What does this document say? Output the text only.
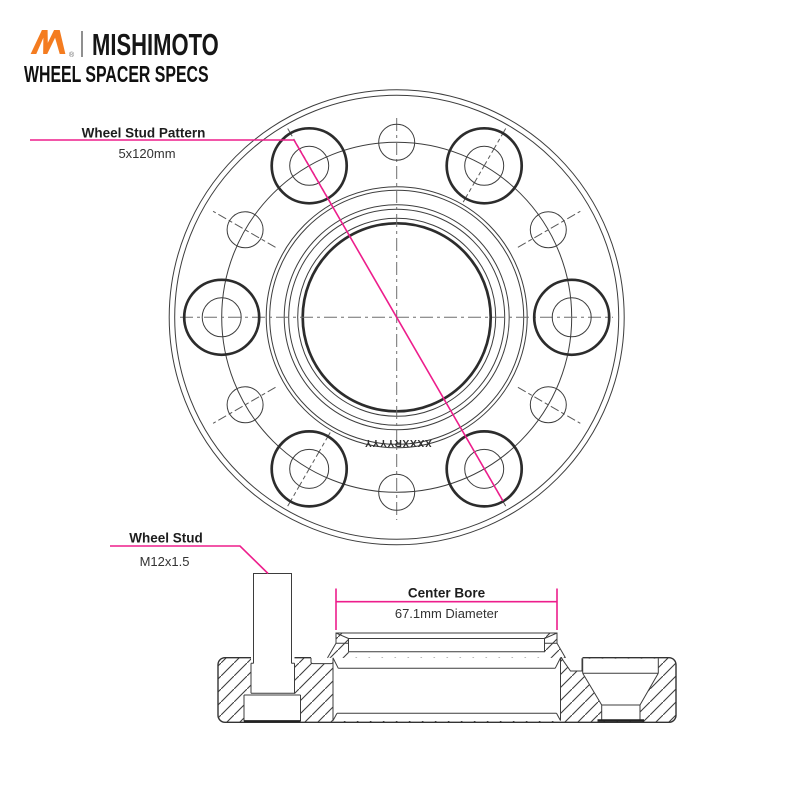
® MISHIMOTO
WHEEL SPACER SPECS
XXXXRYYYY
Wheel Stud Pattern
5x120mm
Wheel Stud
M12x1.5
Center Bore
67.1mm Diameter
